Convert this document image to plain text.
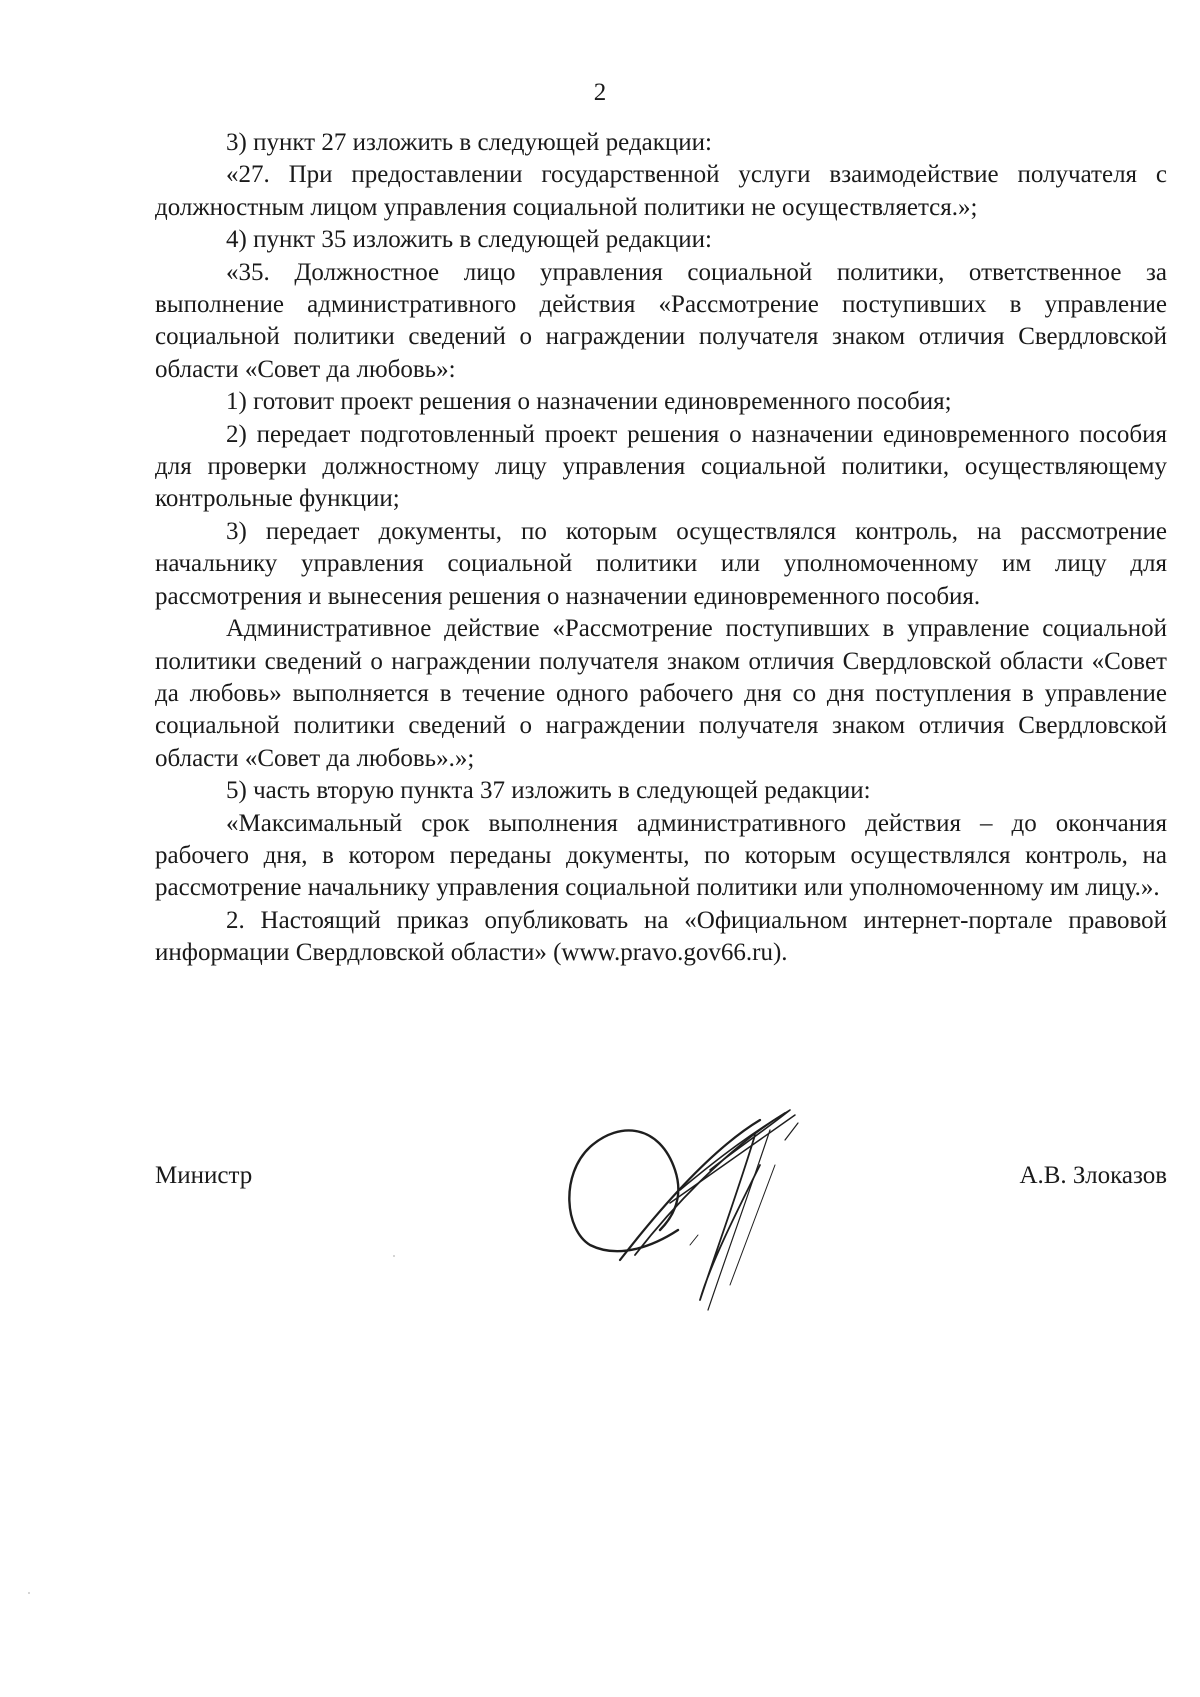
2

3) пункт 27 изложить в следующей редакции:

«27. При предоставлении государственной услуги взаимодействие получателя с должностным лицом управления социальной политики не осуществляется.»;

4) пункт 35 изложить в следующей редакции:

«35. Должностное лицо управления социальной политики, ответственное за выполнение административного действия «Рассмотрение поступивших в управление социальной политики сведений о награждении получателя знаком отличия Свердловской области «Совет да любовь»:

1) готовит проект решения о назначении единовременного пособия;

2) передает подготовленный проект решения о назначении единовременного пособия для проверки должностному лицу управления социальной политики, осуществляющему контрольные функции;

3) передает документы, по которым осуществлялся контроль, на рассмотрение начальнику управления социальной политики или уполномоченному им лицу для рассмотрения и вынесения решения о назначении единовременного пособия.

Административное действие «Рассмотрение поступивших в управление социальной политики сведений о награждении получателя знаком отличия Свердловской области «Совет да любовь» выполняется в течение одного рабочего дня со дня поступления в управление социальной политики сведений о награждении получателя знаком отличия Свердловской области «Совет да любовь».»;

5) часть вторую пункта 37 изложить в следующей редакции:

«Максимальный срок выполнения административного действия – до окончания рабочего дня, в котором переданы документы, по которым осуществлялся контроль, на рассмотрение начальнику управления социальной политики или уполномоченному им лицу.».

2. Настоящий приказ опубликовать на «Официальном интернет-портале правовой информации Свердловской области» (www.pravo.gov66.ru).

Министр	А.В. Злоказов
